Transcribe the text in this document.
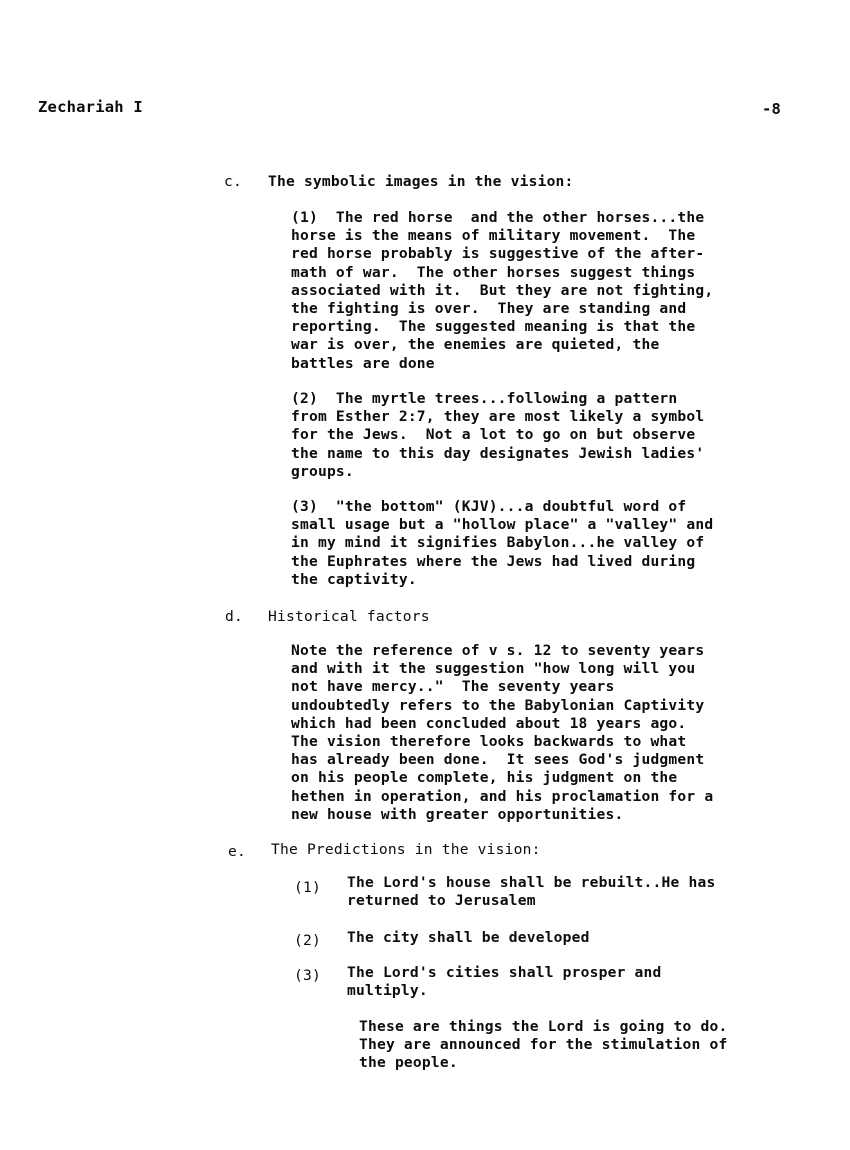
Zechariah I	-8
c. The symbolic images in the vision:
(1)  The red horse  and the other horses...the
horse is the means of military movement.  The
red horse probably is suggestive of the after-
math of war.  The other horses suggest things
associated with it.  But they are not fighting,
the fighting is over.  They are standing and
reporting.  The suggested meaning is that the
war is over, the enemies are quieted, the
battles are done
(2)  The myrtle trees...following a pattern
from Esther 2:7, they are most likely a symbol
for the Jews.  Not a lot to go on but observe
the name to this day designates Jewish ladies'
groups.
(3)  "the bottom" (KJV)...a doubtful word of
small usage but a "hollow place" a "valley" and
in my mind it signifies Babylon...he valley of
the Euphrates where the Jews had lived during
the captivity.
d. Historical factors
Note the reference of v s. 12 to seventy years
and with it the suggestion "how long will you
not have mercy.."  The seventy years
undoubtedly refers to the Babylonian Captivity
which had been concluded about 18 years ago.
The vision therefore looks backwards to what
has already been done.  It sees God's judgment
on his people complete, his judgment on the
hethen in operation, and his proclamation for a
new house with greater opportunities.
e. The Predictions in the vision:
(1) The Lord's house shall be rebuilt..He has
returned to Jerusalem
(2) The city shall be developed
(3) The Lord's cities shall prosper and
multiply.
These are things the Lord is going to do.
They are announced for the stimulation of
the people.
